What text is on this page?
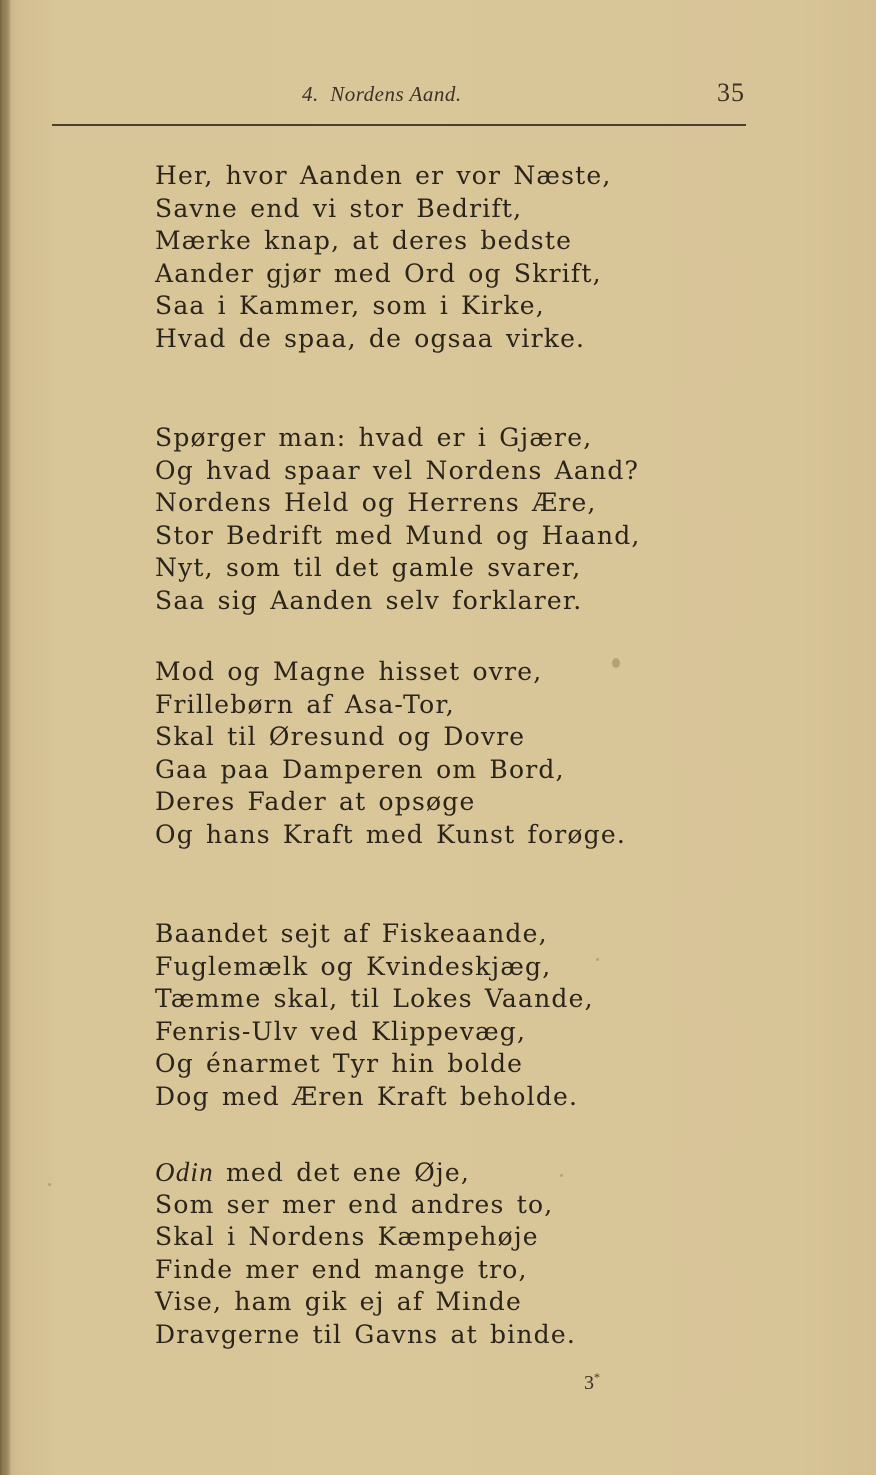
4.  Nordens Aand.	35
Her, hvor Aanden er vor Næste,
Savne end vi stor Bedrift,
Mærke knap, at deres bedste
Aander gjør med Ord og Skrift,
Saa i Kammer, som i Kirke,
Hvad de spaa, de ogsaa virke.
Spørger man: hvad er i Gjære,
Og hvad spaar vel Nordens Aand?
Nordens Held og Herrens Ære,
Stor Bedrift med Mund og Haand,
Nyt, som til det gamle svarer,
Saa sig Aanden selv forklarer.
Mod og Magne hisset ovre,
Frillebørn af Asa-Tor,
Skal til Øresund og Dovre
Gaa paa Damperen om Bord,
Deres Fader at opsøge
Og hans Kraft med Kunst forøge.
Baandet sejt af Fiskeaande,
Fuglemælk og Kvindeskjæg,
Tæmme skal, til Lokes Vaande,
Fenris-Ulv ved Klippevæg,
Og énarmet Tyr hin bolde
Dog med Æren Kraft beholde.
Odin med det ene Øje,
Som ser mer end andres to,
Skal i Nordens Kæmpehøje
Finde mer end mange tro,
Vise, ham gik ej af Minde
Dravgerne til Gavns at binde.
3*
